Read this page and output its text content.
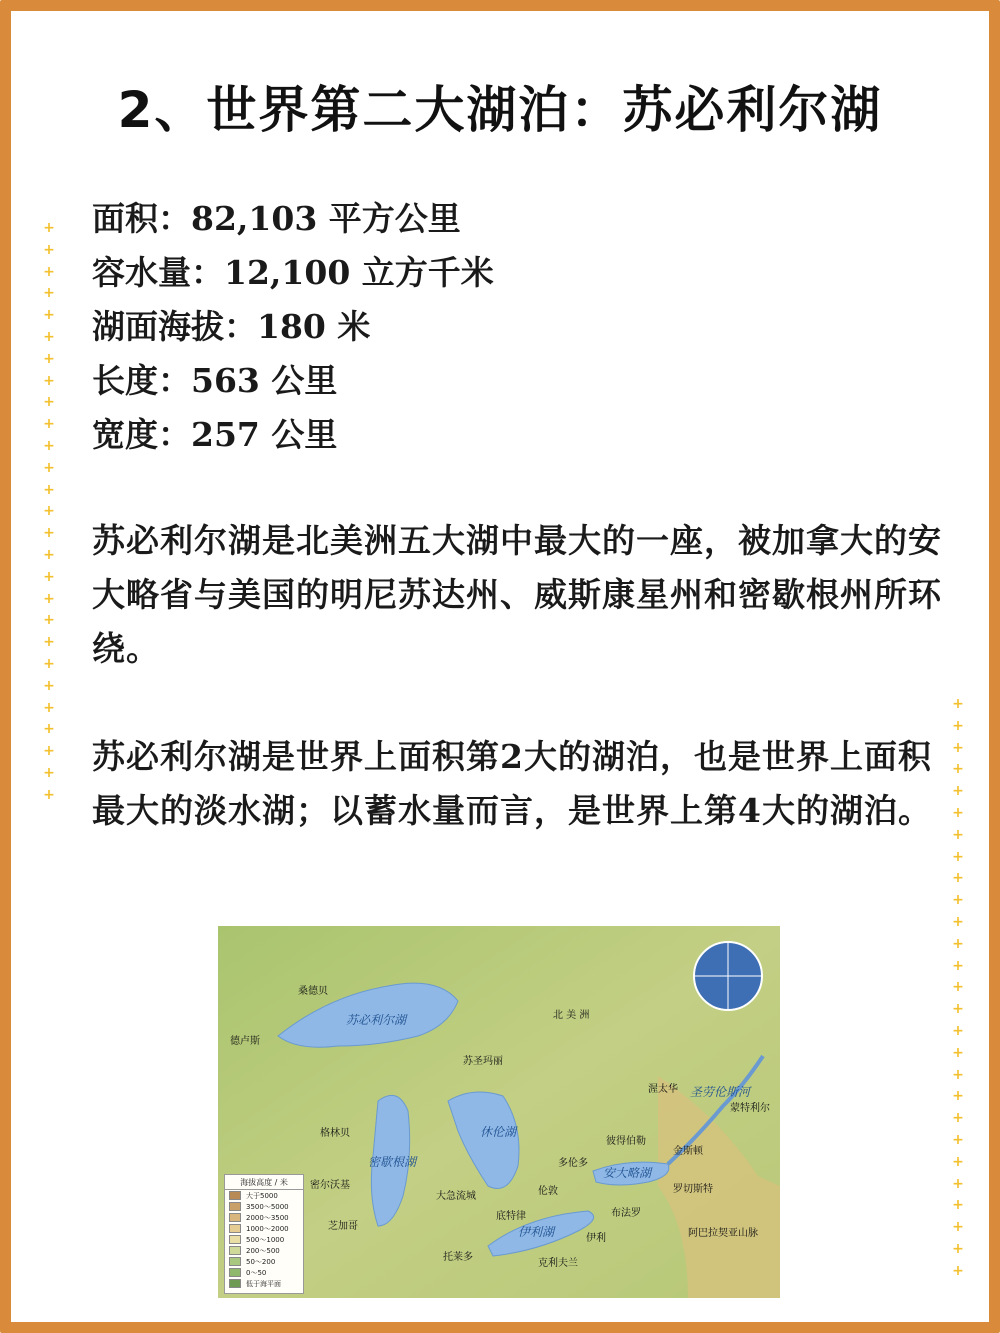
+
+
+
+
+
+
+
+
+
+
+
+
+
+
+
+
+
+
+
+
+
+
+
+
+
+
+
+
+
+
+
+
+
+
+
+
+
+
+
+
+
+
+
+
+
+
+
+
+
+
+
+
+
+
2、世界第二大湖泊：苏必利尔湖
面积：82,103 平方公里
容水量：12,100 立方千米
湖面海拔：180 米
长度：563 公里
宽度：257 公里
苏必利尔湖是北美洲五大湖中最大的一座，被加拿大的安大略省与美国的明尼苏达州、威斯康星州和密歇根州所环绕。
苏必利尔湖是世界上面积第2大的湖泊，也是世界上面积最大的淡水湖；以蓄水量而言，是世界上第4大的湖泊。
北 美 洲
苏必利尔湖
密歇根湖
休伦湖
伊利湖
安大略湖
圣劳伦斯河
阿巴拉契亚山脉
桑德贝
德卢斯
苏圣玛丽
渥太华
蒙特利尔
格林贝
彼得伯勒
金斯顿
多伦多
密尔沃基
大急流城	伦敦	罗切斯特
芝加哥
底特律	布法罗
伊利
托莱多
克利夫兰
海拔高度 / 米
大于5000
3500～5000
2000～3500
1000～2000
500～1000
200～500
50～200
0～50
低于海平面
